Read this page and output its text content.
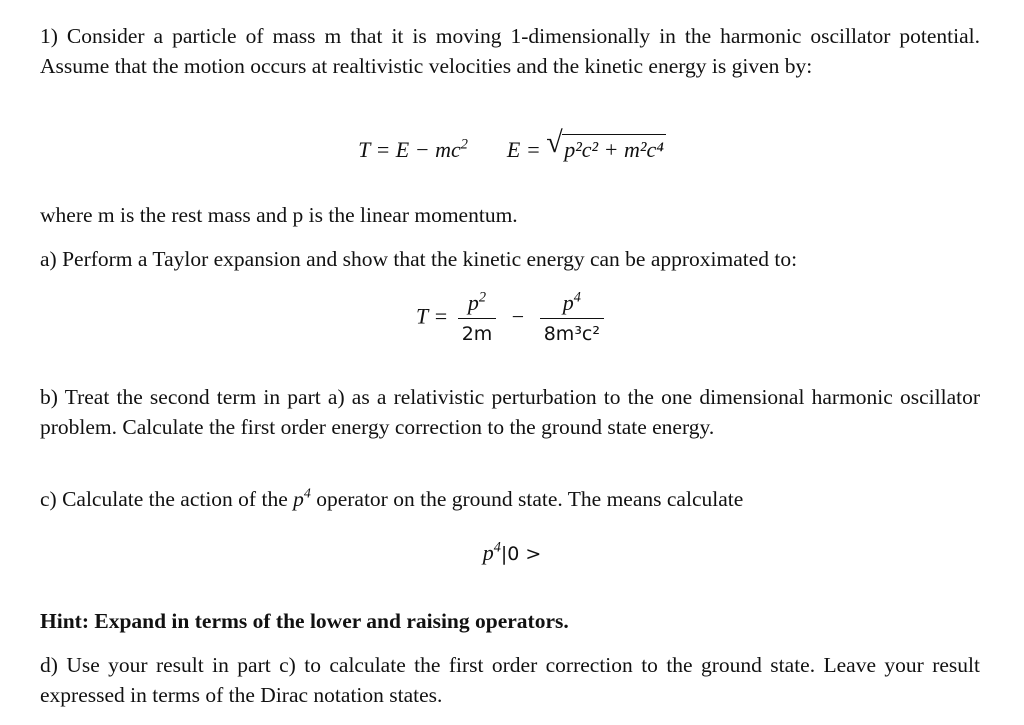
1) Consider a particle of mass m that it is moving 1-dimensionally in the harmonic oscillator potential. Assume that the motion occurs at realtivistic velocities and the kinetic energy is given by:
$T = E - mc^2$ E = √ p²c² + m²c⁴
where m is the rest mass and p is the linear momentum.
a) Perform a Taylor expansion and show that the kinetic energy can be approximated to:
$T = \frac{p^2}{2m} - \frac{p^4}{\text{8m³c²}}$
b) Treat the second term in part a) as a relativistic perturbation to the one dimensional harmonic oscillator problem. Calculate the first order energy correction to the ground state energy.
c) Calculate the action of the $p^4$ operator on the ground state. The means calculate
$p^4|0$ >
Hint: Expand in terms of the lower and raising operators.
d) Use your result in part c) to calculate the first order correction to the ground state. Leave your result expressed in terms of the Dirac notation states.
